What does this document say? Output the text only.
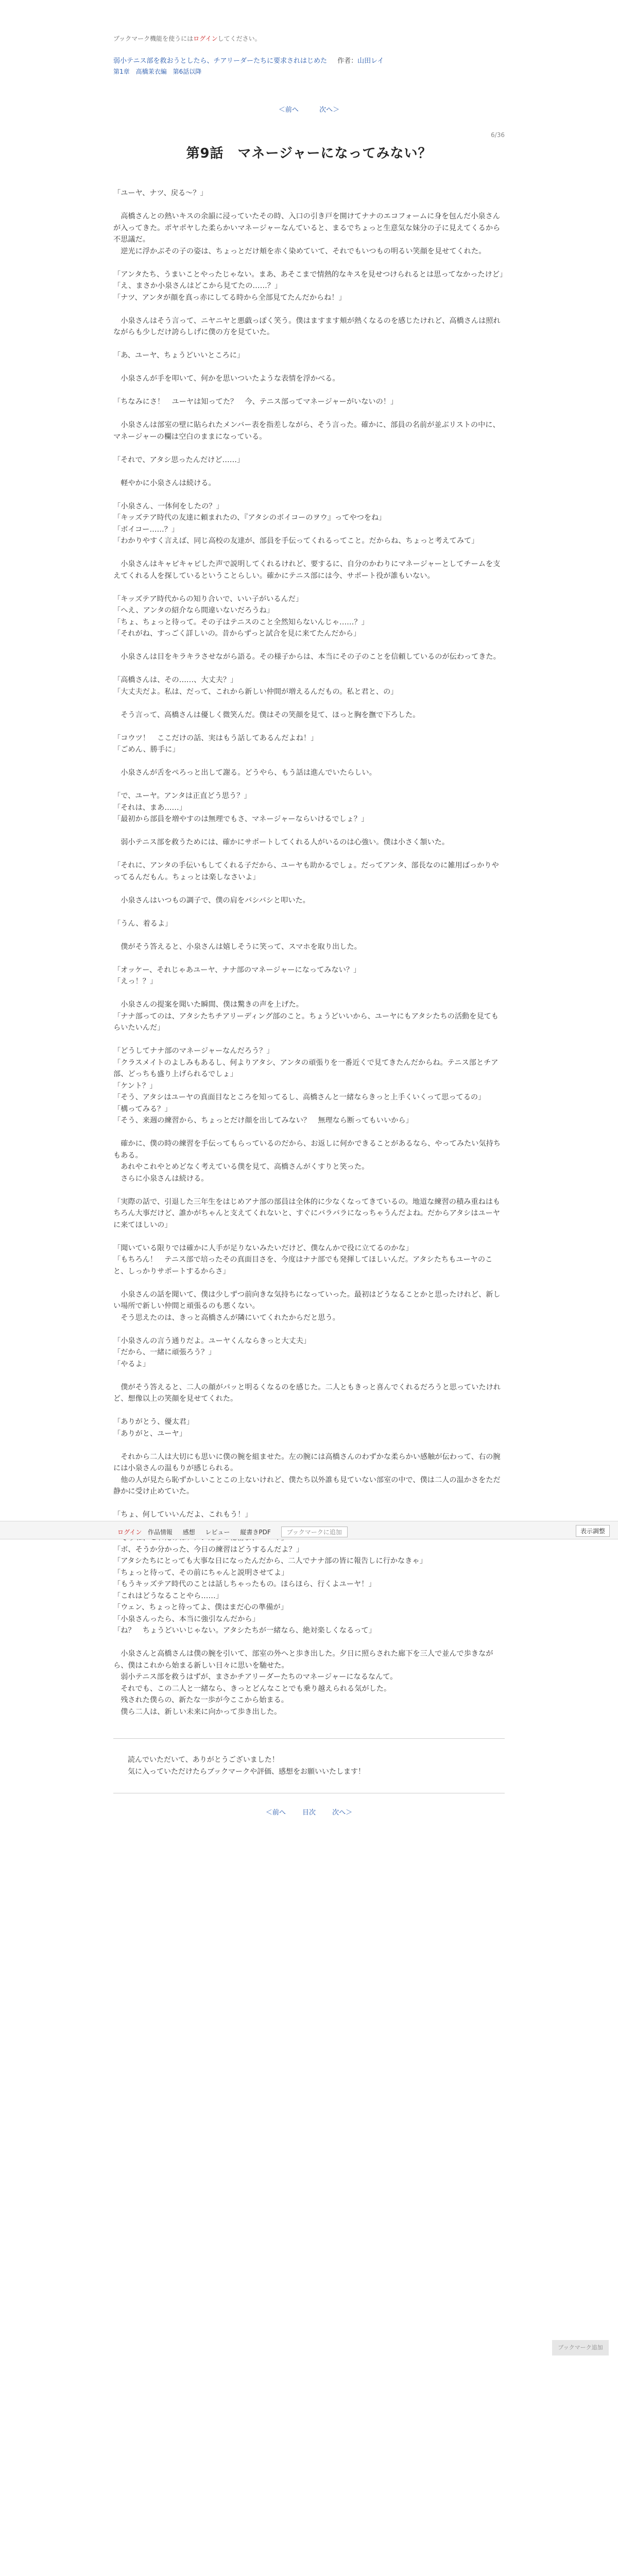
ブックマーク機能を使うにはログインしてください。
弱小テニス部を救おうとしたら、チアリーダーたちに要求されはじめた 作者：山田レイ
第1章　高橋茉衣編　第6話以降
＜前へ	次へ＞
6/36
第9話　マネージャーになってみない？

「ユーヤ、ナツ、戻る〜？」

　高橋さんとの熱いキスの余韻に浸っていたその時、入口の引き戸を開けてナナのエコフォームに身を包んだ小泉さんが入ってきた。ポヤポヤした柔らかいマネージャーなんていると、まるでちょっと生意気な妹分の子に見えてくるから不思議だ。

　逆光に浮かぶその子の姿は、ちょっとだけ頬を赤く染めていて、それでもいつもの明るい笑顔を見せてくれた。

「アンタたち、うまいことやったじゃない。まあ、あそこまで情熱的なキスを見せつけられるとは思ってなかったけど」

「え、まさか小泉さんはどこから見てたの……？」

「ナツ、アンタが顔を真っ赤にしてる時から全部見てたんだからね！」

　小泉さんはそう言って、ニヤニヤと悪戯っぽく笑う。僕はますます頬が熱くなるのを感じたけれど、高橋さんは照れながらも少しだけ誇らしげに僕の方を見ていた。

「あ、ユーヤ、ちょうどいいところに」

　小泉さんが手を叩いて、何かを思いついたような表情を浮かべる。

「ちなみにさ！　ユーヤは知ってた？　今、テニス部ってマネージャーがいないの！」

　小泉さんは部室の壁に貼られたメンバー表を指差しながら、そう言った。確かに、部員の名前が並ぶリストの中に、マネージャーの欄は空白のままになっている。

「それで、アタシ思ったんだけど……」

　軽やかに小泉さんは続ける。

「小泉さん、一体何をしたの？」

「キッズテア時代の友達に頼まれたの、『アタシのボイコーのヲウ』ってやつをね」

「ボイコー……？」

「わかりやすく言えば、同じ高校の友達が、部員を手伝ってくれるってこと。だからね、ちょっと考えてみて」

　小泉さんはキャピキャピした声で説明してくれるけれど、要するに、自分のかわりにマネージャーとしてチームを支えてくれる人を探しているということらしい。確かにテニス部には今、サポート役が誰もいない。

「キッズテア時代からの知り合いで、いい子がいるんだ」

「へえ、アンタの紹介なら間違いないだろうね」

「ちょ、ちょっと待って。その子はテニスのこと全然知らないんじゃ……？」

「それがね、すっごく詳しいの。昔からずっと試合を見に来てたんだから」

　小泉さんは目をキラキラさせながら語る。その様子からは、本当にその子のことを信頼しているのが伝わってきた。

「高橋さんは、その……、大丈夫？」

「大丈夫だよ。私は、だって、これから新しい仲間が増えるんだもの。私と君と、の」

　そう言って、高橋さんは優しく微笑んだ。僕はその笑顔を見て、ほっと胸を撫で下ろした。

「コウツ！　ここだけの話、実はもう話してあるんだよね！」

「ごめん、勝手に」

　小泉さんが舌をぺろっと出して謝る。どうやら、もう話は進んでいたらしい。

「で、ユーヤ。アンタは正直どう思う？」

「それは、まあ……」

「最初から部員を増やすのは無理でもさ、マネージャーならいけるでしょ？」

　弱小テニス部を救うためには、確かにサポートしてくれる人がいるのは心強い。僕は小さく頷いた。

「それに、アンタの手伝いもしてくれる子だから、ユーヤも助かるでしょ。だってアンタ、部長なのに雑用ばっかりやってるんだもん。ちょっとは楽しなさいよ」

　小泉さんはいつもの調子で、僕の肩をバシバシと叩いた。

「うん、着るよ」

　僕がそう答えると、小泉さんは嬉しそうに笑って、スマホを取り出した。

「オッケー、それじゃあユーヤ、ナナ部のマネージャーになってみない？」

「えっ！？」

　小泉さんの提案を聞いた瞬間、僕は驚きの声を上げた。

「ナナ部ってのは、アタシたちチアリーディング部のこと。ちょうどいいから、ユーヤにもアタシたちの活動を見てもらいたいんだ」

「どうしてナナ部のマネージャーなんだろう？」

「クラスメイトのよしみもあるし、何よりアタシ、アンタの頑張りを一番近くで見てきたんだからね。テニス部とチア部、どっちも盛り上げられるでしょ」

「ケント？」

「そう、アタシはユーヤの真面目なところを知ってるし、高橋さんと一緒ならきっと上手くいくって思ってるの」

「構ってみる？」

「そう、来週の練習から、ちょっとだけ顔を出してみない？　無理なら断ってもいいから」

　確かに、僕の時の練習を手伝ってもらっているのだから、お返しに何かできることがあるなら、やってみたい気持ちもある。

　あれやこれやとめどなく考えている僕を見て、高橋さんがくすりと笑った。

　さらに小泉さんは続ける。

「実際の話で、引退した三年生をはじめアナ部の部員は全体的に少なくなってきているの。地道な練習の積み重ねはもちろん大事だけど、誰かがちゃんと支えてくれないと、すぐにバラバラになっちゃうんだよね。だからアタシはユーヤに来てほしいの」

「聞いている限りでは確かに人手が足りないみたいだけど、僕なんかで役に立てるのかな」

「もちろん！　テニス部で培ったその真面目さを、今度はナナ部でも発揮してほしいんだ。アタシたちもユーヤのこと、しっかりサポートするからさ」

　小泉さんの話を聞いて、僕は少しずつ前向きな気持ちになっていった。最初はどうなることかと思ったけれど、新しい場所で新しい仲間と頑張るのも悪くない。

　そう思えたのは、きっと高橋さんが隣にいてくれたからだと思う。

「小泉さんの言う通りだよ。ユーヤくんならきっと大丈夫」

「だから、一緒に頑張ろう？」

「やるよ」

　僕がそう答えると、二人の顔がパッと明るくなるのを感じた。二人ともきっと喜んでくれるだろうと思っていたけれど、想像以上の笑顔を見せてくれた。

「ありがとう、優太君」

「ありがと、ユーヤ」

　それから二人は大切にも思いに僕の腕を組ませた。左の腕には高橋さんのわずかな柔らかい感触が伝わって、右の腕には小泉さんの温もりが感じられる。

　他の人が見たら恥ずかしいことこの上ないけれど、僕たち以外誰も見ていない部室の中で、僕は二人の温かさをただ静かに受け止めていた。

「ちょ、何していいんだよ、これもう！」

「ボ、そうか分かった、今日の練習はどうするんだよ？」

「アタシたちにとっても大事な日になったんだから、二人でナナ部の皆に報告しに行かなきゃ」

「ちょっと待って、その前にちゃんと説明させてよ」

「もうキッズテア時代のことは話しちゃったもの。ほらほら、行くよユーヤ！」

「これはどうなることやら……」

「ウェン、ちょっと待ってよ、僕はまだ心の準備が」

「小泉さんったら、本当に強引なんだから」

「ね？　ちょうどいいじゃない。アタシたちが一緒なら、絶対楽しくなるって」

　小泉さんと高橋さんは僕の腕を引いて、部室の外へと歩き出した。夕日に照らされた廊下を三人で並んで歩きながら、僕はこれから始まる新しい日々に思いを馳せた。

　弱小テニス部を救うはずが、まさかチアリーダーたちのマネージャーになるなんて。

　それでも、この二人と一緒なら、きっとどんなことでも乗り越えられる気がした。

　残された僕らの、新たな一歩が今ここから始まる。

　僕ら二人は、新しい未来に向かって歩き出した。

　読んでいただいて、ありがとうございました！

　気に入っていただけたらブックマークや評価、感想をお願いいたします！

＜前へ 目次 次へ＞
ログイン 作品情報 感想 レビュー 縦書きPDF	ブックマークに追加	表示調整
ブックマーク追加
